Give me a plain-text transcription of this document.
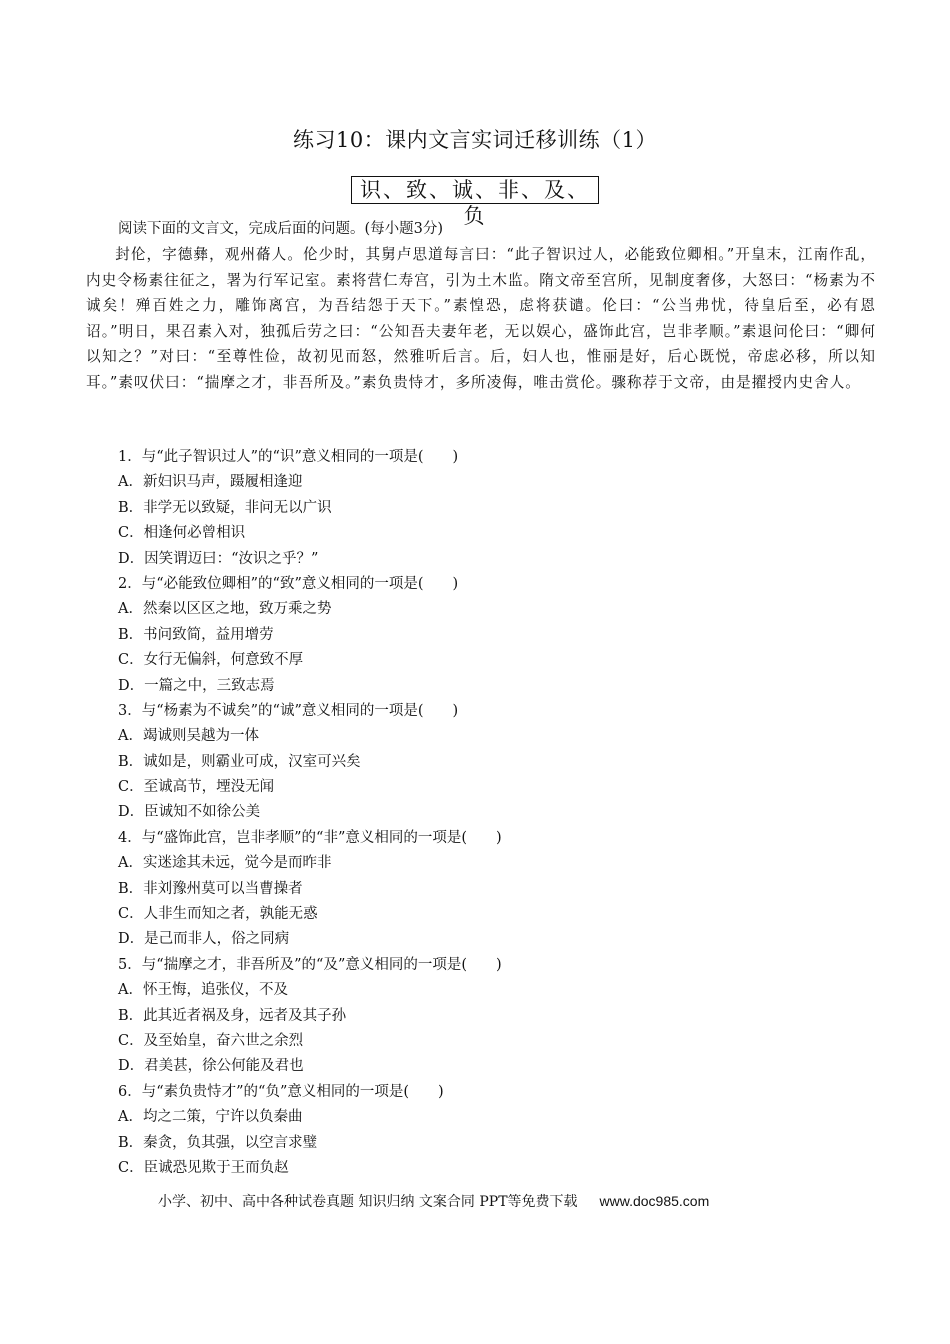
练习10：课内文言实词迁移训练（1）
识、致、诚、非、及、负
阅读下面的文言文，完成后面的问题。(每小题3分)

封伦，字德彝，观州蓨人。伦少时，其舅卢思道每言曰：“此子智识过人，必能致位卿相。”开皇末，江南作乱，内史令杨素往征之，署为行军记室。素将营仁寿宫，引为土木监。隋文帝至宫所，见制度奢侈，大怒曰：“杨素为不诚矣！殚百姓之力，雕饰离宫，为吾结怨于天下。”素惶恐，虑将获谴。伦曰：“公当弗忧，待皇后至，必有恩诏。”明日，果召素入对，独孤后劳之曰：“公知吾夫妻年老，无以娱心，盛饰此宫，岂非孝顺。”素退问伦曰：“卿何以知之？”对曰：“至尊性俭，故初见而怒，然雅听后言。后，妇人也，惟丽是好，后心既悦，帝虑必移，所以知耳。”素叹伏曰：“揣摩之才，非吾所及。”素负贵恃才，多所凌侮，唯击赏伦。骤称荐于文帝，由是擢授内史舍人。

1．与“此子智识过人”的“识”意义相同的一项是(　　)
A．新妇识马声，蹑履相逢迎
B．非学无以致疑，非问无以广识
C．相逢何必曾相识
D．因笑谓迈曰：“汝识之乎？”
2．与“必能致位卿相”的“致”意义相同的一项是(　　)
A．然秦以区区之地，致万乘之势
B．书问致简，益用增劳
C．女行无偏斜，何意致不厚
D．一篇之中，三致志焉
3．与“杨素为不诚矣”的“诚”意义相同的一项是(　　)
A．竭诚则吴越为一体
B．诚如是，则霸业可成，汉室可兴矣
C．至诚高节，堙没无闻
D．臣诚知不如徐公美
4．与“盛饰此宫，岂非孝顺”的“非”意义相同的一项是(　　)
A．实迷途其未远，觉今是而昨非
B．非刘豫州莫可以当曹操者
C．人非生而知之者，孰能无惑
D．是己而非人，俗之同病
5．与“揣摩之才，非吾所及”的“及”意义相同的一项是(　　)
A．怀王悔，追张仪，不及
B．此其近者祸及身，远者及其子孙
C．及至始皇，奋六世之余烈
D．君美甚，徐公何能及君也
6．与“素负贵恃才”的“负”意义相同的一项是(　　)
A．均之二策，宁许以负秦曲
B．秦贪，负其强，以空言求璧
C．臣诚恐见欺于王而负赵
小学、初中、高中各种试卷真题 知识归纳 文案合同 PPT等免费下载 www.doc985.com
